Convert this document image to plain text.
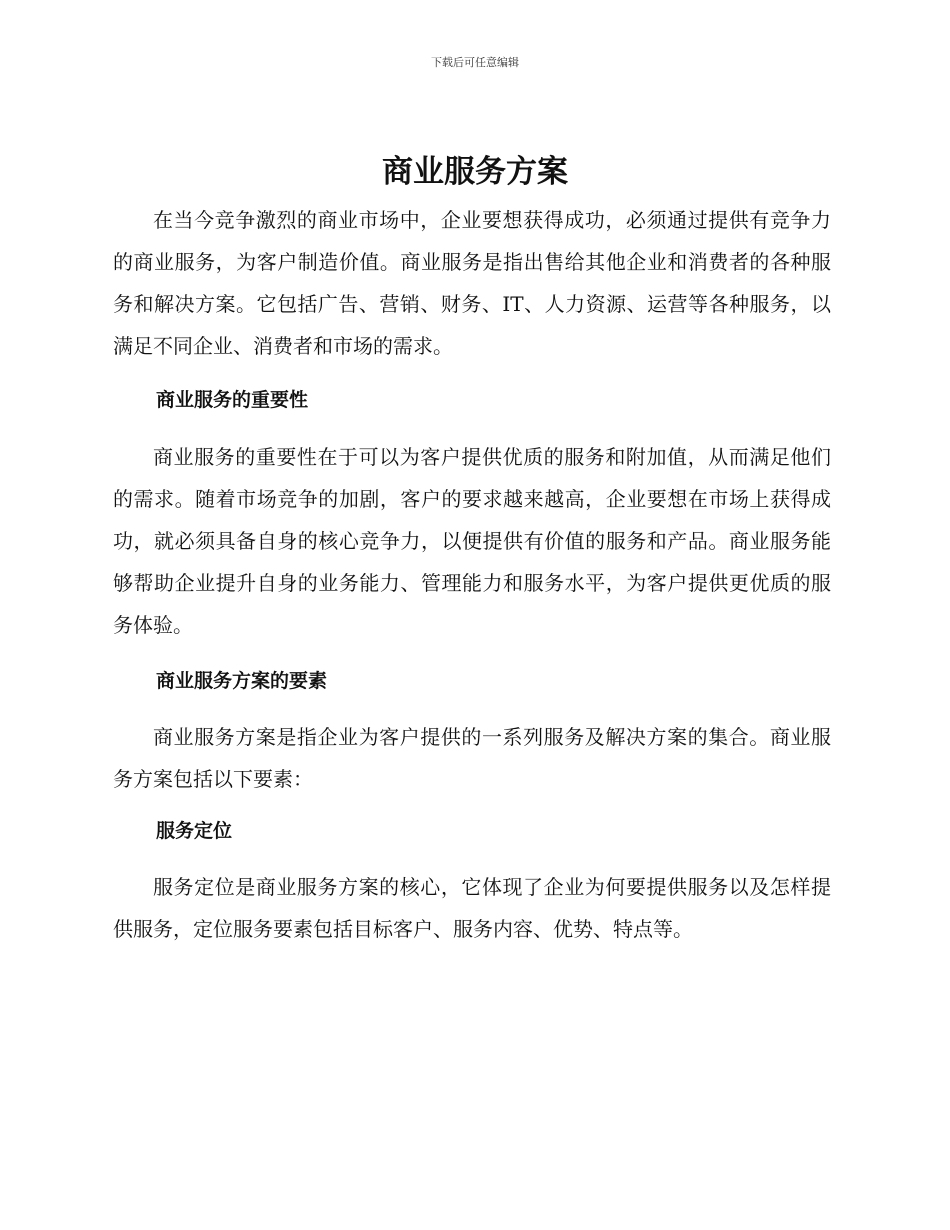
下载后可任意编辑
商业服务方案

在当今竞争激烈的商业市场中，企业要想获得成功，必须通过提供有竞争力的商业服务，为客户制造价值。商业服务是指出售给其他企业和消费者的各种服务和解决方案。它包括广告、营销、财务、IT、人力资源、运营等各种服务，以满足不同企业、消费者和市场的需求。

商业服务的重要性

商业服务的重要性在于可以为客户提供优质的服务和附加值，从而满足他们的需求。随着市场竞争的加剧，客户的要求越来越高，企业要想在市场上获得成功，就必须具备自身的核心竞争力，以便提供有价值的服务和产品。商业服务能够帮助企业提升自身的业务能力、管理能力和服务水平，为客户提供更优质的服务体验。

商业服务方案的要素

商业服务方案是指企业为客户提供的一系列服务及解决方案的集合。商业服务方案包括以下要素：

服务定位

服务定位是商业服务方案的核心，它体现了企业为何要提供服务以及怎样提供服务，定位服务要素包括目标客户、服务内容、优势、特点等。
